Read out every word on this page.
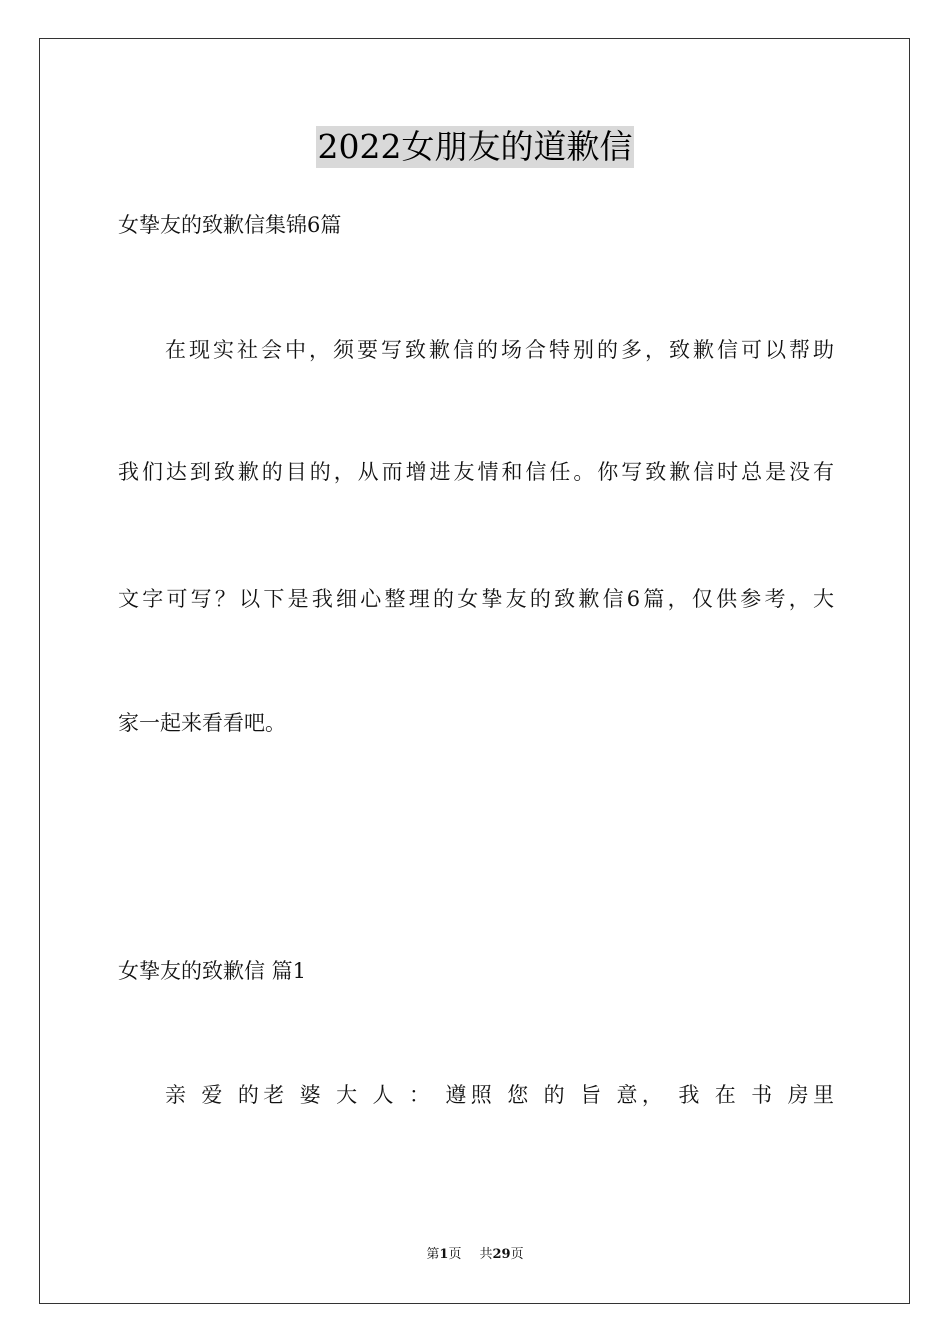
2022女朋友的道歉信
女挚友的致歉信集锦6篇
在现实社会中，须要写致歉信的场合特别的多，致歉信可以帮助
我们达到致歉的目的，从而增进友情和信任。你写致歉信时总是没有
文字可写？以下是我细心整理的女挚友的致歉信6篇，仅供参考，大
家一起来看看吧。
女挚友的致歉信 篇1
亲 爱 的老 婆 大 人 ： 遵照 您 的 旨 意， 我 在 书 房里
第1页 共29页
